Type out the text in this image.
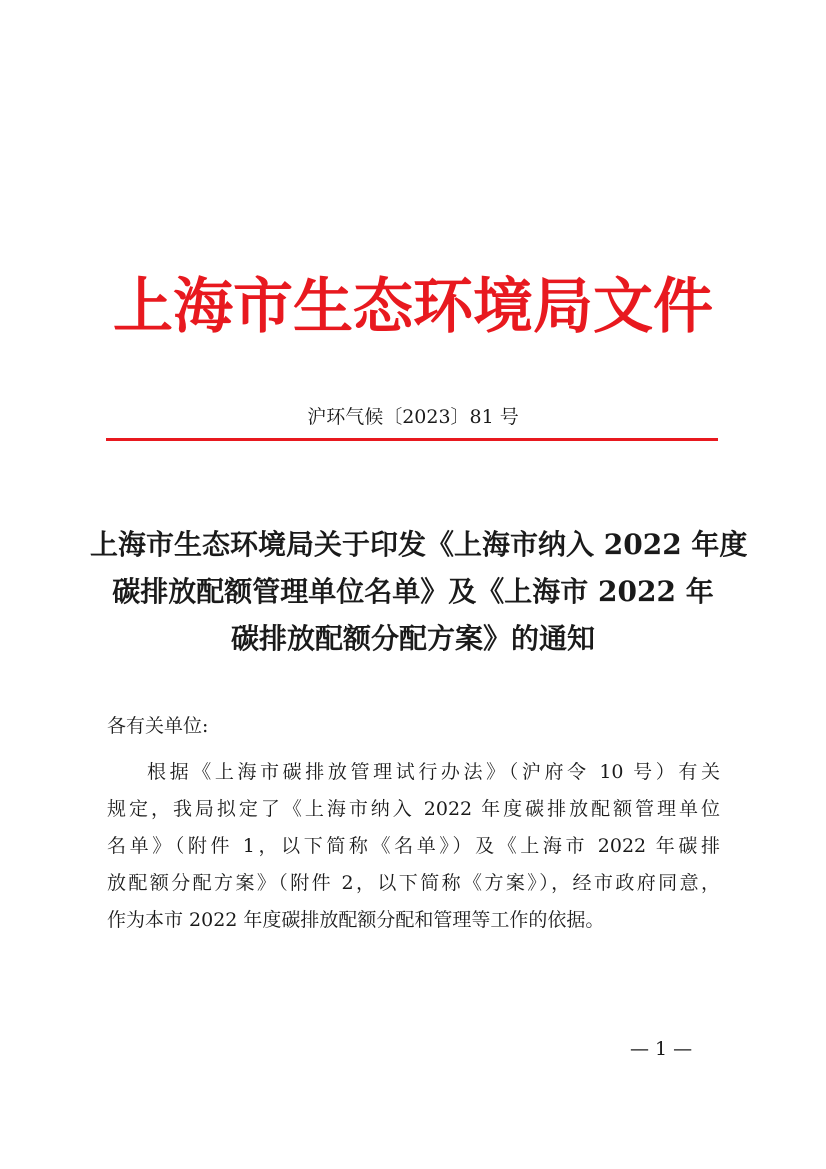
上海市生态环境局文件
沪环气候〔2023〕81 号
上海市生态环境局关于印发《上海市纳入 2022 年度
碳排放配额管理单位名单》及《上海市 2022 年
碳排放配额分配方案》的通知
各有关单位:
根据《上海市碳排放管理试行办法》（沪府令 10 号）有关
规定，我局拟定了《上海市纳入 2022 年度碳排放配额管理单位
名单》（附件 1，以下简称《名单》）及《上海市 2022 年碳排
放配额分配方案》（附件 2，以下简称《方案》），经市政府同意，
作为本市 2022 年度碳排放配额分配和管理等工作的依据。
— 1 —
